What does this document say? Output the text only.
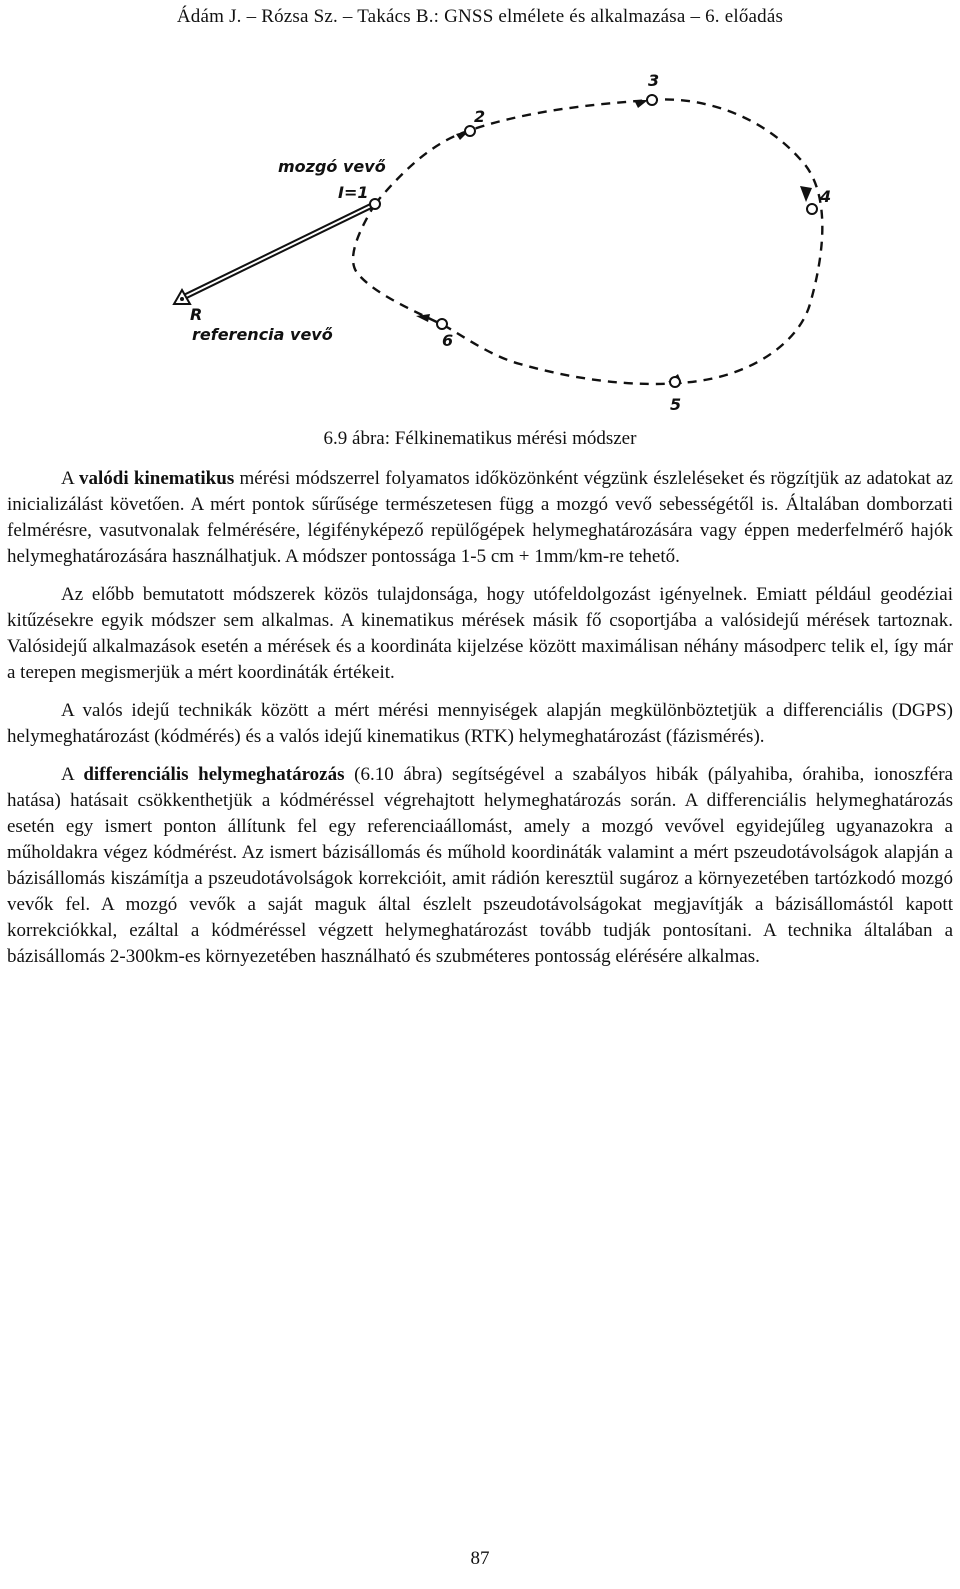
Ádám J. – Rózsa Sz. – Takács B.: GNSS elmélete és alkalmazása – 6. előadás
mozgó vevő
I=1
2
3
4
5
6
R
referencia vevő
6.9 ábra: Félkinematikus mérési módszer

A valódi kinematikus mérési módszerrel folyamatos időközönként végzünk észleléseket és rögzítjük az adatokat az inicializálást követően. A mért pontok sűrűsége természetesen függ a mozgó vevő sebességétől is. Általában domborzati felmérésre, vasutvonalak felmérésére, légifényképező repülőgépek helymeghatározására vagy éppen mederfelmérő hajók helymeghatározására használhatjuk. A módszer pontossága 1-5 cm + 1mm/km-re tehető.

Az előbb bemutatott módszerek közös tulajdonsága, hogy utófeldolgozást igényelnek. Emiatt például geodéziai kitűzésekre egyik módszer sem alkalmas. A kinematikus mérések másik fő csoportjába a valósidejű mérések tartoznak. Valósidejű alkalmazások esetén a mérések és a koordináta kijelzése között maximálisan néhány másodperc telik el, így már a terepen megismerjük a mért koordináták értékeit.

A valós idejű technikák között a mért mérési mennyiségek alapján megkülönböztetjük a differenciális (DGPS) helymeghatározást (kódmérés) és a valós idejű kinematikus (RTK) helymeghatározást (fázismérés).

A differenciális helymeghatározás (6.10 ábra) segítségével a szabályos hibák (pályahiba, órahiba, ionoszféra hatása) hatásait csökkenthetjük a kódméréssel végrehajtott helymeghatározás során. A differenciális helymeghatározás esetén egy ismert ponton állítunk fel egy referenciaállomást, amely a mozgó vevővel egyidejűleg ugyanazokra a műholdakra végez kódmérést. Az ismert bázisállomás és műhold koordináták valamint a mért pszeudotávolságok alapján a bázisállomás kiszámítja a pszeudotávolságok korrekcióit, amit rádión keresztül sugároz a környezetében tartózkodó mozgó vevők fel. A mozgó vevők a saját maguk által észlelt pszeudotávolságokat megjavítják a bázisállomástól kapott korrekciókkal, ezáltal a kódméréssel végzett helymeghatározást tovább tudják pontosítani. A technika általában a bázisállomás 2-300km-es környezetében használható és szubméteres pontosság elérésére alkalmas.

87
